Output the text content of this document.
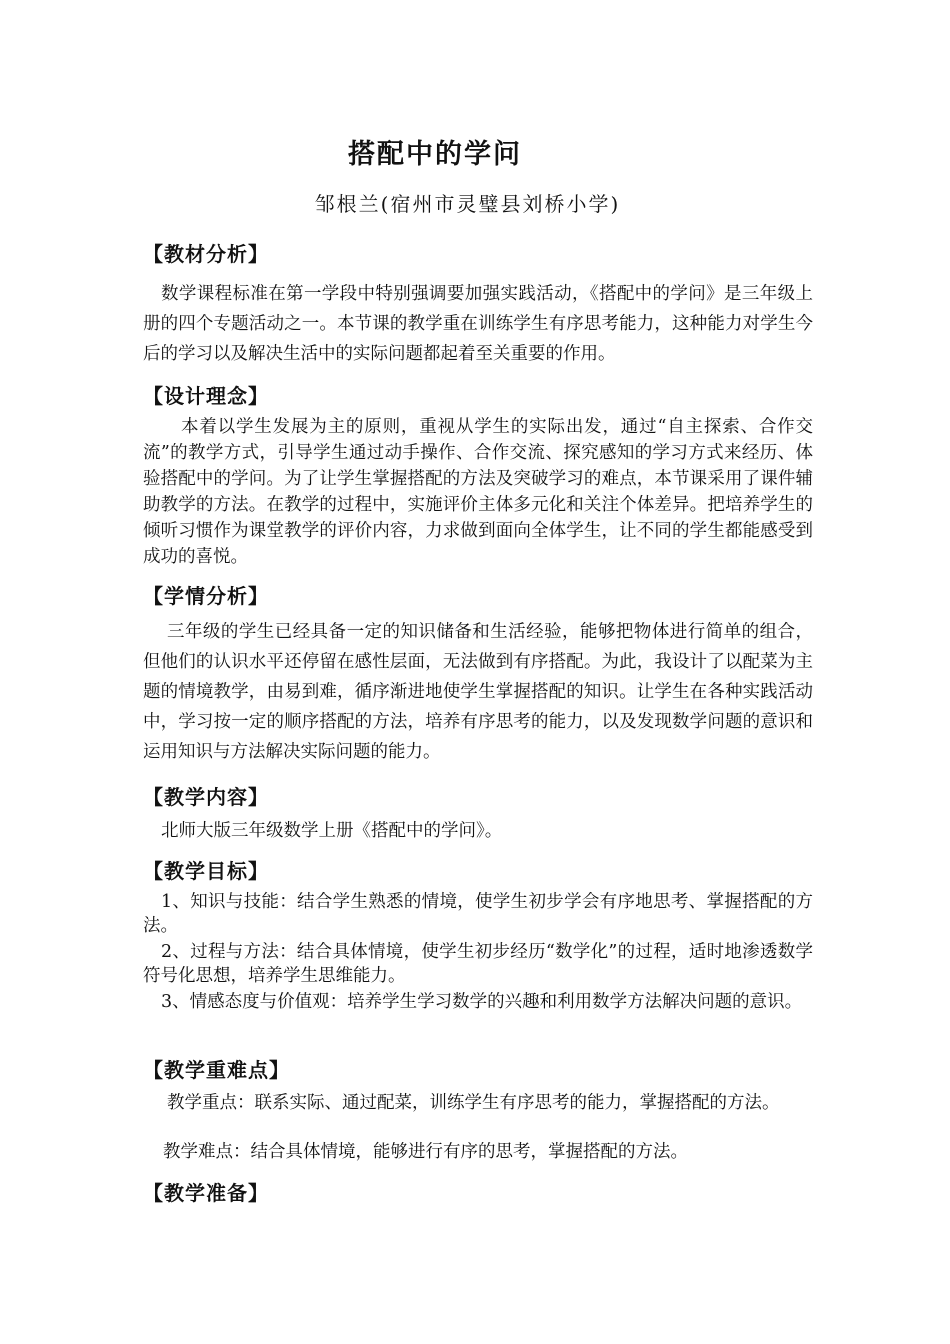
搭配中的学问
邹根兰(宿州市灵璧县刘桥小学)
【教材分析】

数学课程标准在第一学段中特别强调要加强实践活动，《搭配中的学问》是三年级上册的四个专题活动之一。本节课的教学重在训练学生有序思考能力，这种能力对学生今后的学习以及解决生活中的实际问题都起着至关重要的作用。

【设计理念】

本着以学生发展为主的原则，重视从学生的实际出发，通过“自主探索、合作交流”的教学方式，引导学生通过动手操作、合作交流、探究感知的学习方式来经历、体验搭配中的学问。为了让学生掌握搭配的方法及突破学习的难点，本节课采用了课件辅助教学的方法。在教学的过程中，实施评价主体多元化和关注个体差异。把培养学生的倾听习惯作为课堂教学的评价内容，力求做到面向全体学生，让不同的学生都能感受到成功的喜悦。

【学情分析】

三年级的学生已经具备一定的知识储备和生活经验，能够把物体进行简单的组合，但他们的认识水平还停留在感性层面，无法做到有序搭配。为此，我设计了以配菜为主题的情境教学，由易到难，循序渐进地使学生掌握搭配的知识。让学生在各种实践活动中，学习按一定的顺序搭配的方法，培养有序思考的能力，以及发现数学问题的意识和运用知识与方法解决实际问题的能力。

【教学内容】

北师大版三年级数学上册《搭配中的学问》。

【教学目标】

1、知识与技能：结合学生熟悉的情境，使学生初步学会有序地思考、掌握搭配的方法。

2、过程与方法：结合具体情境，使学生初步经历“数学化”的过程，适时地渗透数学符号化思想，培养学生思维能力。

3、情感态度与价值观：培养学生学习数学的兴趣和利用数学方法解决问题的意识。

【教学重难点】

教学重点：联系实际、通过配菜，训练学生有序思考的能力，掌握搭配的方法。

教学难点：结合具体情境，能够进行有序的思考，掌握搭配的方法。

【教学准备】
